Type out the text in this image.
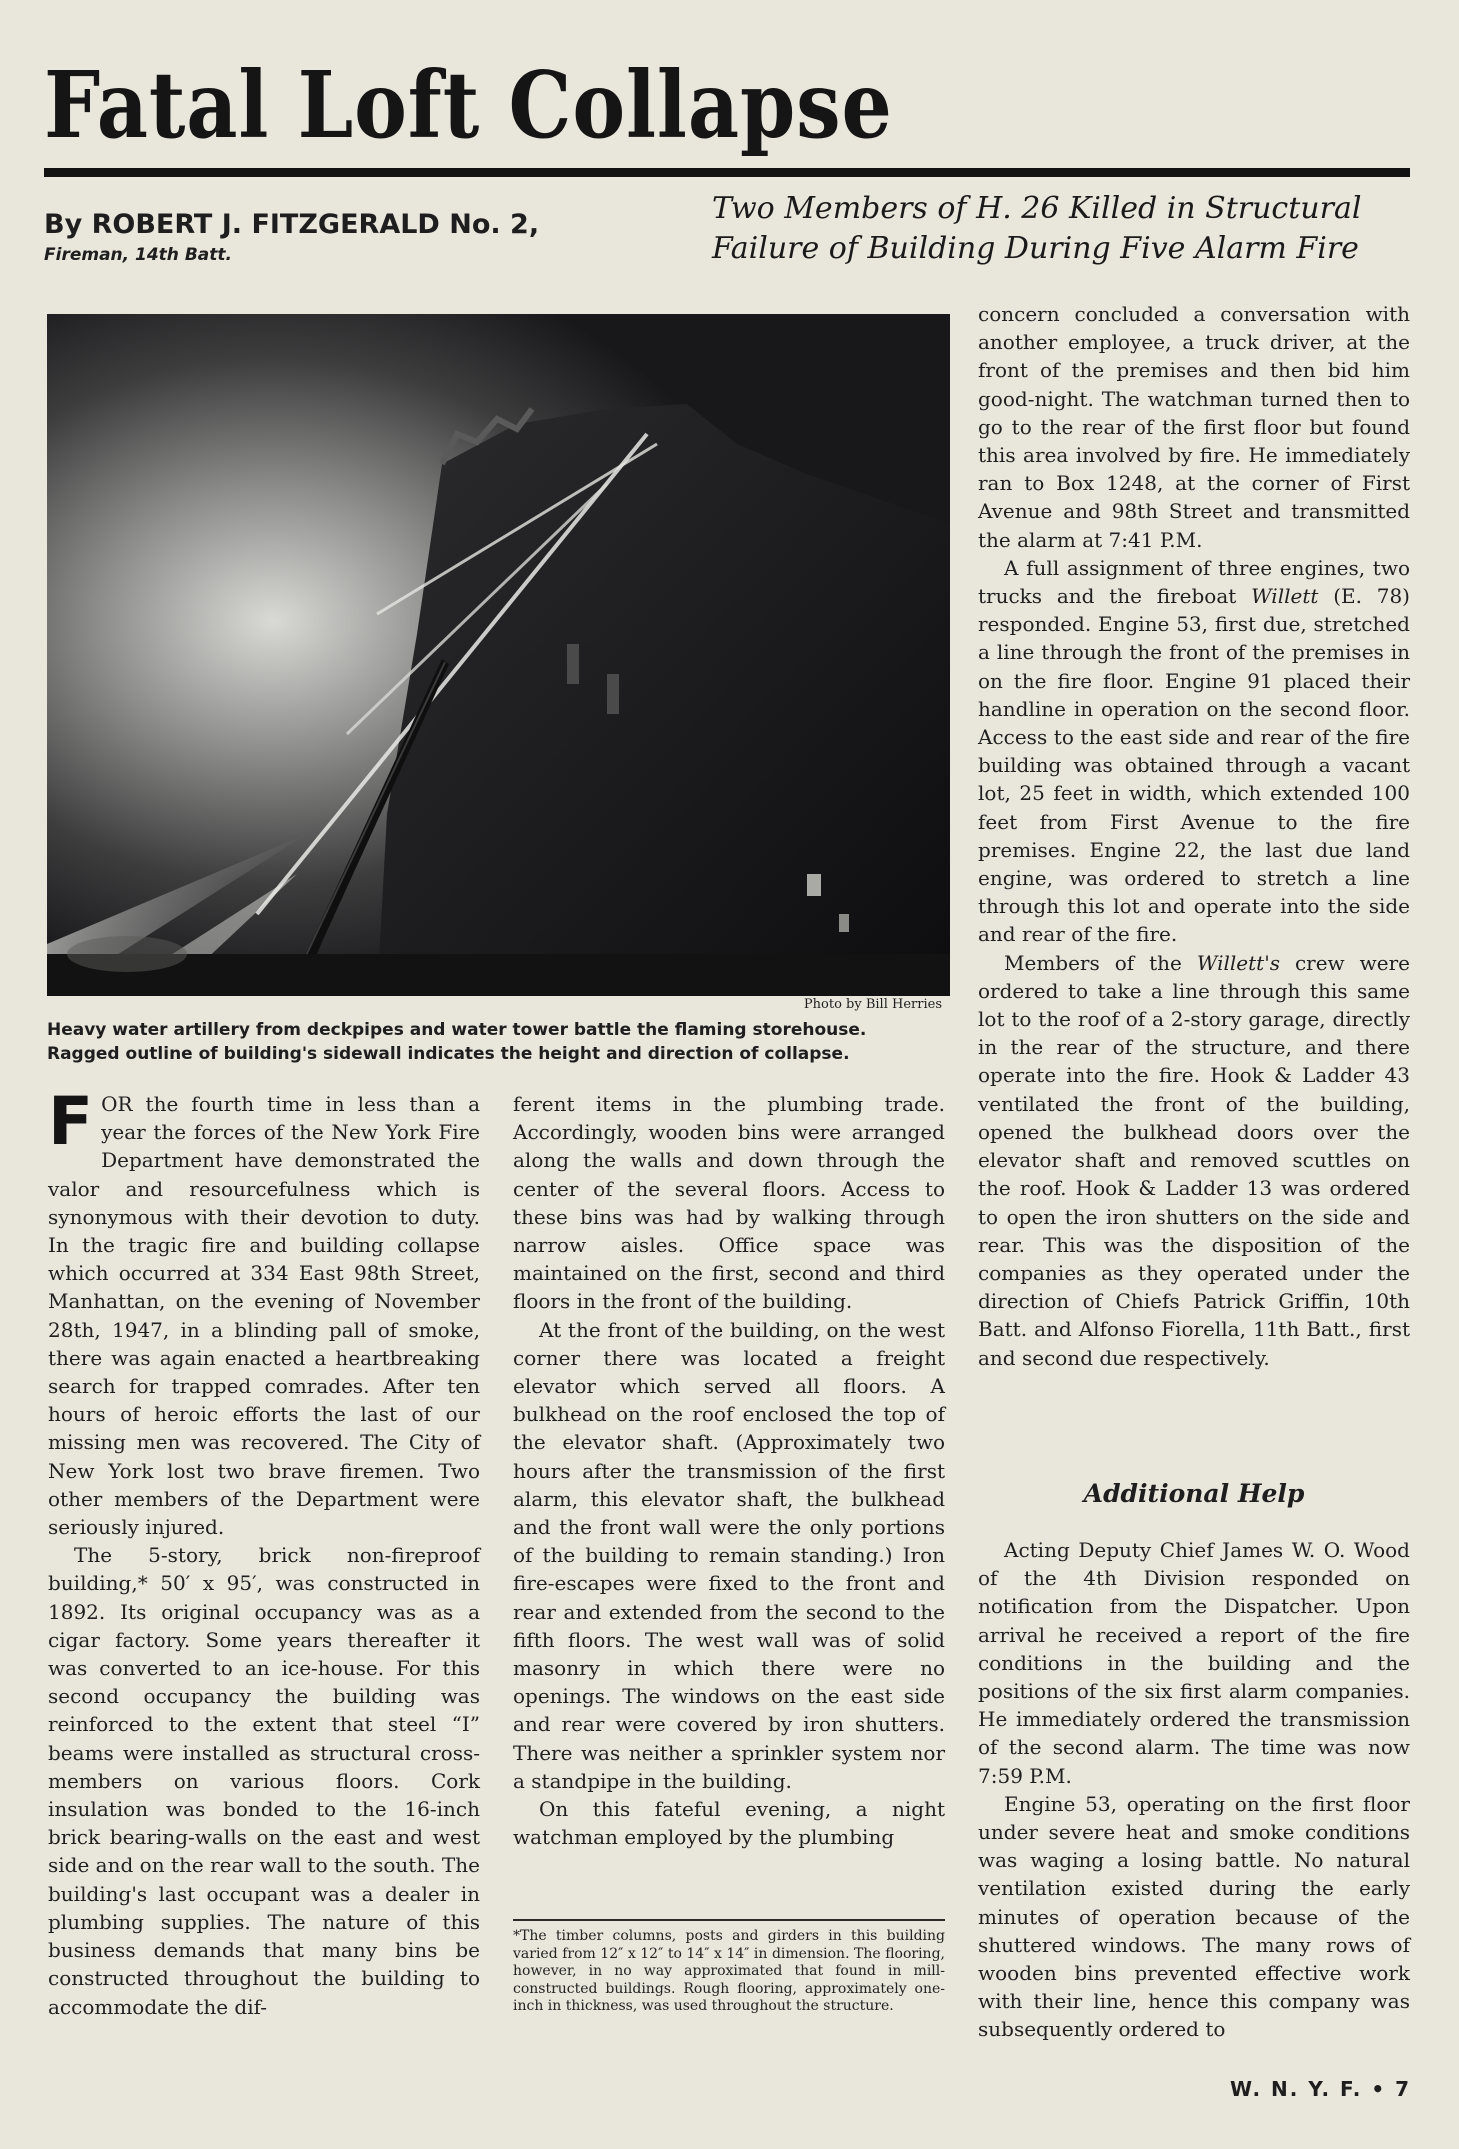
Fatal Loft Collapse
By ROBERT J. FITZGERALD No. 2,
Fireman, 14th Batt.
Two Members of H. 26 Killed in Structural
Failure of Building During Five Alarm Fire
Photo by Bill Herries
Heavy water artillery from deckpipes and water tower battle the flaming storehouse.
Ragged outline of building's sidewall indicates the height and direction of collapse.

FOR the fourth time in less than a year the forces of the New York Fire Department have demonstrated the valor and resourcefulness which is synonymous with their devotion to duty. In the tragic fire and building collapse which occurred at 334 East 98th Street, Manhattan, on the evening of November 28th, 1947, in a blinding pall of smoke, there was again enacted a heartbreaking search for trapped comrades. After ten hours of heroic efforts the last of our missing men was recovered. The City of New York lost two brave firemen. Two other members of the Department were seriously injured.

The 5-story, brick non-fireproof building,* 50′ x 95′, was constructed in 1892. Its original occupancy was as a cigar factory. Some years thereafter it was converted to an ice-house. For this second occupancy the building was reinforced to the extent that steel “I” beams were installed as structural cross-members on various floors. Cork insulation was bonded to the 16-inch brick bearing-walls on the east and west side and on the rear wall to the south. The building's last occupant was a dealer in plumbing supplies. The nature of this business demands that many bins be constructed throughout the building to accommodate the dif-

ferent items in the plumbing trade. Accordingly, wooden bins were arranged along the walls and down through the center of the several floors. Access to these bins was had by walking through narrow aisles. Office space was maintained on the first, second and third floors in the front of the building.

At the front of the building, on the west corner there was located a freight elevator which served all floors. A bulkhead on the roof enclosed the top of the elevator shaft. (Approximately two hours after the transmission of the first alarm, this elevator shaft, the bulkhead and the front wall were the only portions of the building to remain standing.) Iron fire-escapes were fixed to the front and rear and extended from the second to the fifth floors. The west wall was of solid masonry in which there were no openings. The windows on the east side and rear were covered by iron shutters. There was neither a sprinkler system nor a standpipe in the building.

On this fateful evening, a night watchman employed by the plumbing

*The timber columns, posts and girders in this building varied from 12″ x 12″ to 14″ x 14″ in dimension. The flooring, however, in no way approximated that found in mill-constructed buildings. Rough flooring, approximately one-inch in thickness, was used throughout the structure.

concern concluded a conversation with another employee, a truck driver, at the front of the premises and then bid him good-night. The watchman turned then to go to the rear of the first floor but found this area involved by fire. He immediately ran to Box 1248, at the corner of First Avenue and 98th Street and transmitted the alarm at 7:41 P.M.

A full assignment of three engines, two trucks and the fireboat Willett (E. 78) responded. Engine 53, first due, stretched a line through the front of the premises in on the fire floor. Engine 91 placed their handline in operation on the second floor. Access to the east side and rear of the fire building was obtained through a vacant lot, 25 feet in width, which extended 100 feet from First Avenue to the fire premises. Engine 22, the last due land engine, was ordered to stretch a line through this lot and operate into the side and rear of the fire.

Members of the Willett's crew were ordered to take a line through this same lot to the roof of a 2-story garage, directly in the rear of the structure, and there operate into the fire. Hook & Ladder 43 ventilated the front of the building, opened the bulkhead doors over the elevator shaft and removed scuttles on the roof. Hook & Ladder 13 was ordered to open the iron shutters on the side and rear. This was the disposition of the companies as they operated under the direction of Chiefs Patrick Griffin, 10th Batt. and Alfonso Fiorella, 11th Batt., first and second due respectively.

Additional Help

Acting Deputy Chief James W. O. Wood of the 4th Division responded on notification from the Dispatcher. Upon arrival he received a report of the fire conditions in the building and the positions of the six first alarm companies. He immediately ordered the transmission of the second alarm. The time was now 7:59 P.M.

Engine 53, operating on the first floor under severe heat and smoke conditions was waging a losing battle. No natural ventilation existed during the early minutes of operation because of the shuttered windows. The many rows of wooden bins prevented effective work with their line, hence this company was subsequently ordered to

W. N. Y. F. • 7
